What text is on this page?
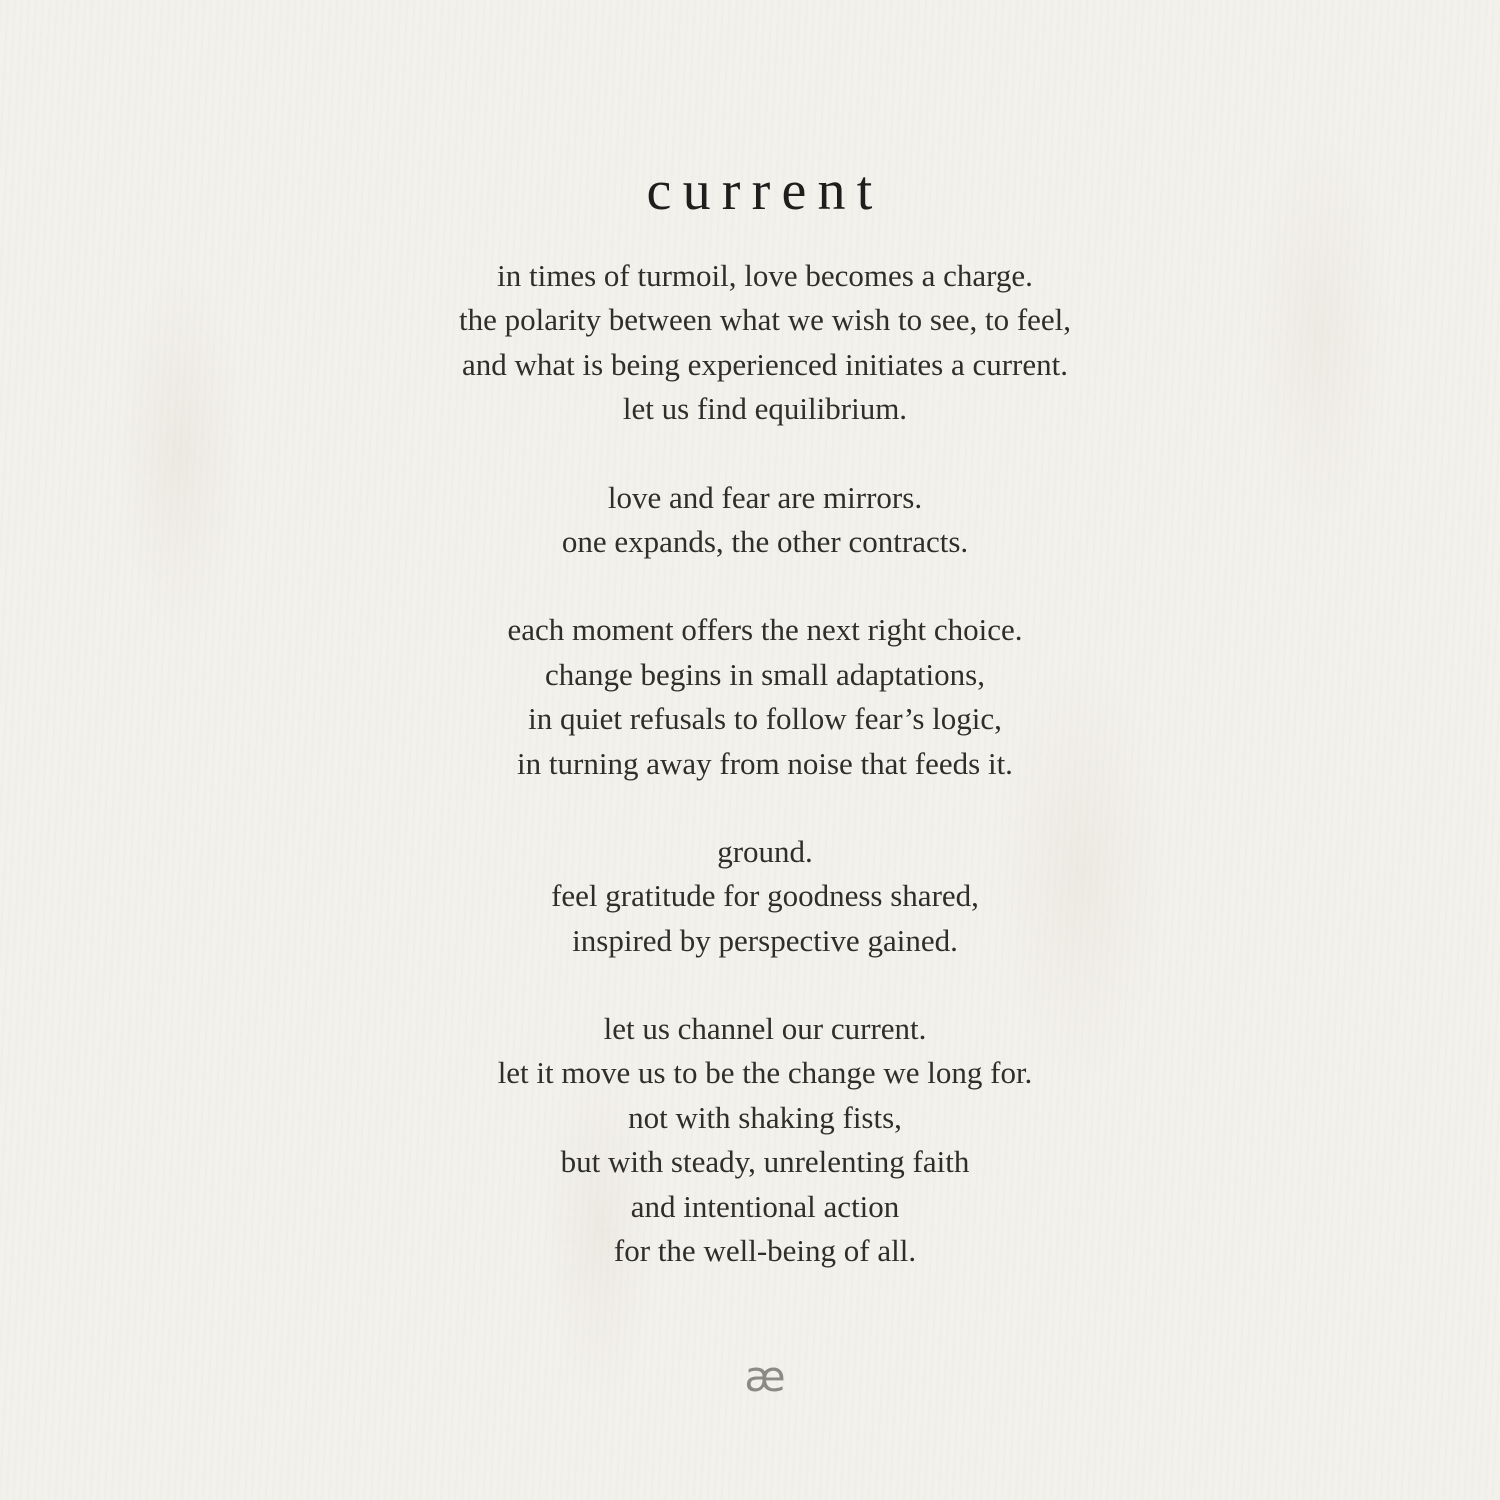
current
in times of turmoil, love becomes a charge.
the polarity between what we wish to see, to feel,
and what is being experienced initiates a current.
let us find equilibrium.
love and fear are mirrors.
one expands, the other contracts.
each moment offers the next right choice.
change begins in small adaptations,
in quiet refusals to follow fear’s logic,
in turning away from noise that feeds it.
ground.
feel gratitude for goodness shared,
inspired by perspective gained.
let us channel our current.
let it move us to be the change we long for.
not with shaking fists,
but with steady, unrelenting faith
and intentional action
for the well-being of all.
æ
